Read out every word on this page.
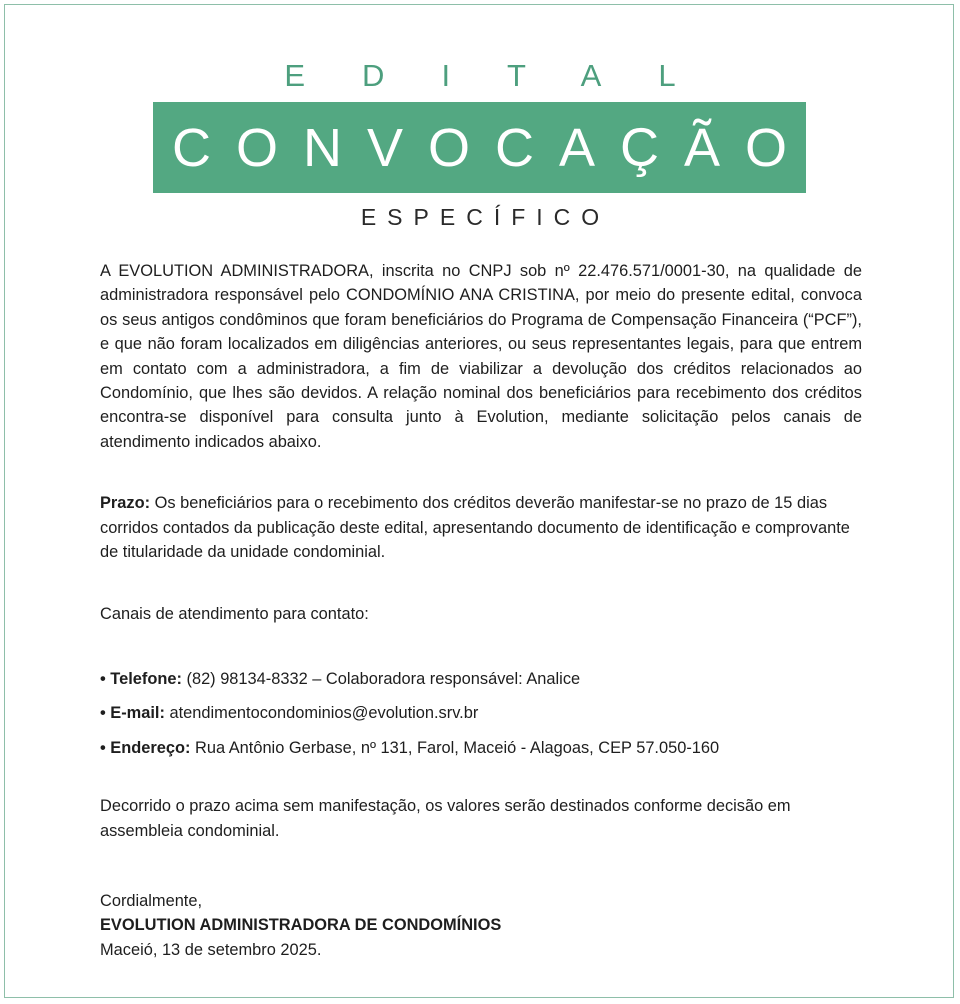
EDITAL
CONVOCAÇÃO
ESPECÍFICO

A EVOLUTION ADMINISTRADORA, inscrita no CNPJ sob nº 22.476.571/0001-30, na qualidade de administradora responsável pelo CONDOMÍNIO ANA CRISTINA, por meio do presente edital, convoca os seus antigos condôminos que foram beneficiários do Programa de Compensação Financeira (“PCF”), e que não foram localizados em diligências anteriores, ou seus representantes legais, para que entrem em contato com a administradora, a fim de viabilizar a devolução dos créditos relacionados ao Condomínio, que lhes são devidos. A relação nominal dos beneficiários para recebimento dos créditos encontra-se disponível para consulta junto à Evolution, mediante solicitação pelos canais de atendimento indicados abaixo.

Prazo: Os beneficiários para o recebimento dos créditos deverão manifestar-se no prazo de 15 dias corridos contados da publicação deste edital, apresentando documento de identificação e comprovante de titularidade da unidade condominial.

Canais de atendimento para contato:

• Telefone: (82) 98134-8332 – Colaboradora responsável: Analice
• E-mail: atendimentocondominios@evolution.srv.br
• Endereço: Rua Antônio Gerbase, nº 131, Farol, Maceió - Alagoas, CEP 57.050-160

Decorrido o prazo acima sem manifestação, os valores serão destinados conforme decisão em assembleia condominial.

Cordialmente,

EVOLUTION ADMINISTRADORA DE CONDOMÍNIOS

Maceió, 13 de setembro 2025.
